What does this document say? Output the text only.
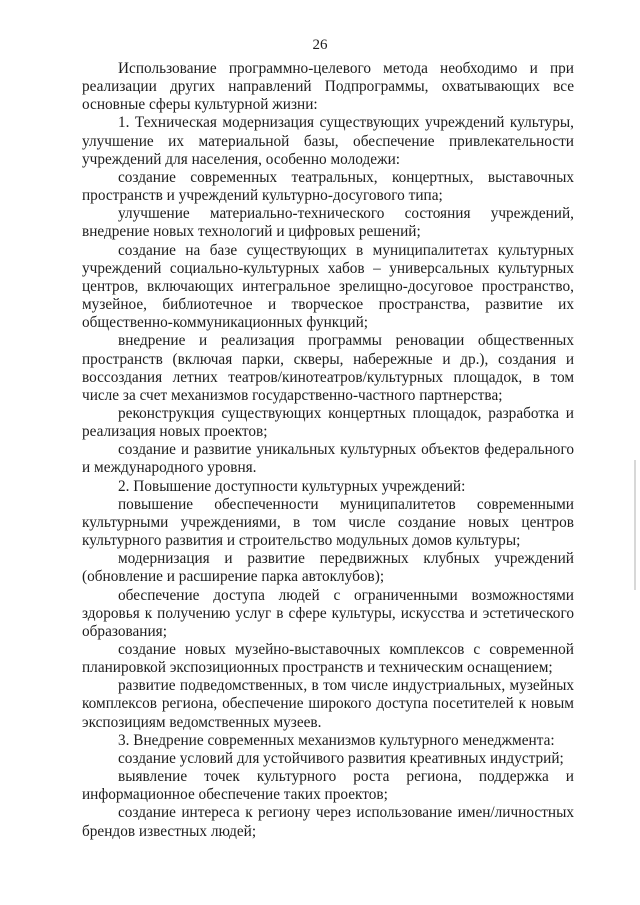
26

Использование программно-целевого метода необходимо и при реализации других направлений Подпрограммы, охватывающих все основные сферы культурной жизни:

1. Техническая модернизация существующих учреждений культуры, улучшение их материальной базы, обеспечение привлекательности учреждений для населения, особенно молодежи:

создание современных театральных, концертных, выставочных пространств и учреждений культурно-досугового типа;

улучшение материально-технического состояния учреждений, внедрение новых технологий и цифровых решений;

создание на базе существующих в муниципалитетах культурных учреждений социально-культурных хабов – универсальных культурных центров, включающих интегральное зрелищно-досуговое пространство, музейное, библиотечное и творческое пространства, развитие их общественно-коммуникационных функций;

внедрение и реализация программы реновации общественных пространств (включая парки, скверы, набережные и др.), создания и воссоздания летних театров/кинотеатров/культурных площадок, в том числе за счет механизмов государственно-частного партнерства;

реконструкция существующих концертных площадок, разработка и реализация новых проектов;

создание и развитие уникальных культурных объектов федерального и международного уровня.

2. Повышение доступности культурных учреждений:

повышение обеспеченности муниципалитетов современными культурными учреждениями, в том числе создание новых центров культурного развития и строительство модульных домов культуры;

модернизация и развитие передвижных клубных учреждений (обновление и расширение парка автоклубов);

обеспечение доступа людей с ограниченными возможностями здоровья к получению услуг в сфере культуры, искусства и эстетического образования;

создание новых музейно-выставочных комплексов с современной планировкой экспозиционных пространств и техническим оснащением;

развитие подведомственных, в том числе индустриальных, музейных комплексов региона, обеспечение широкого доступа посетителей к новым экспозициям ведомственных музеев.

3. Внедрение современных механизмов культурного менеджмента:

создание условий для устойчивого развития креативных индустрий;

выявление точек культурного роста региона, поддержка и информационное обеспечение таких проектов;

создание интереса к региону через использование имен/личностных брендов известных людей;
